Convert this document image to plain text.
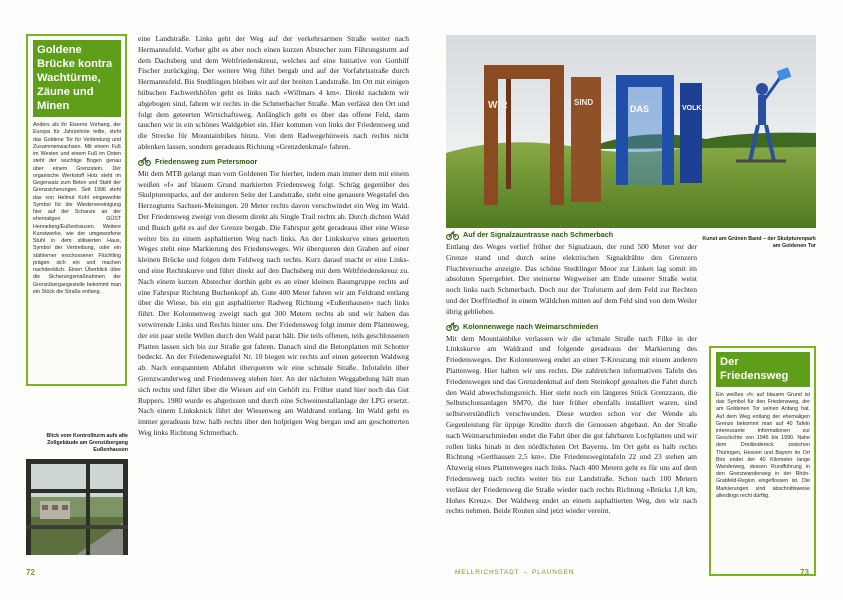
Goldene Brücke kontra Wachtürme, Zäune und Minen

Anders als ihr Eiserne Vorhang, der Europa für Jahrzehnte teilte, steht das Goldene Tor für Verbindung und Zusammenwachsen. Mit einem Fuß im Westen und einem Fuß im Osten steht der wuchtige Bogen genau über einem Grenzstein. Der organische Werkstoff Holz steht im Gegensatz zum Beton und Stahl der Grenzsicherungen. Seit 1996 steht das von Helmut Kohl eingeweihte Symbol für die Wiedervereinigung hier auf der Schanze an der ehemaligen GÜST Henneberg/Eußenhausen. Weitere Kunstwerke, wie der umgeworfene Stuhl in dem stilisierten Haus, Symbol der Vertreibung, oder ein stählerner erschossener Flüchtling prägen sich ein und machen nachdenklich. Einen Überblick über die Sicherungsmaßnahmen der Grenzübergangsstelle bekommt man ein Stück die Straße entlang.

Blick vom Kontrollturm aufs alte Zollgebäude am Grenzübergang Eußenhausen

eine Landstraße. Links geht der Weg auf der verkehrsarmen Straße weiter nach Hermannsfeld. Vorher gibt es aber noch einen kurzen Abstecher zum Führungsturm auf dem Dachsberg und dem Weltfriedenskreuz, welches auf eine Initiative von Gotthilf Fischer zurückging. Der weitere Weg führt bergab und auf der Vorfahrtsstraße durch Hermannsfeld. Bis Stedtlingen bleiben wir auf der breiten Landstraße. Im Ort mit einigen hübschen Fachwerkhöfen geht es links nach »Willmars 4 km«. Direkt nachdem wir abgebogen sind, fahren wir rechts in die Schmerbacher Straße. Man verlässt den Ort und folgt dem geteerten Wirtschaftsweg. Anfänglich geht es über das offene Feld, dann tauchen wir in ein schönes Waldgebiet ein. Hier kommen von links der Friedensweg und die Strecke für Mountainbikes hinzu. Von dem Radwegehinweis nach rechts nicht ablenken lassen, sondern geradeaus Richtung »Grenzdenkmal« fahren.

Friedensweg zum Petersmoor

Mit dem MTB gelangt man vom Goldenen Tor hierher, indem man immer dem mit einem weißen »f« auf blauem Grund markierten Friedensweg folgt. Schräg gegenüber des Skulpturenparks, auf der anderen Seite der Landstraße, steht eine genauere Wegetafel des Herzogtums Sachsen-Meiningen. 20 Meter rechts davon verschwindet ein Weg im Wald. Der Friedensweg zweigt von diesem direkt als Single Trail rechts ab. Durch dichten Wald und Busch geht es auf der Grenze bergab. Die Fahrspur geht geradeaus über eine Wiese weiter bis zu einem asphaltierten Weg nach links. An der Linkskurve eines geteerten Weges steht eine Markierung des Friedensweges. Wir überqueren den Graben auf einer kleinen Brücke und folgen dem Feldweg nach rechts. Kurz darauf macht er eine Links- und eine Rechtskurve und führt direkt auf den Dachsberg mit dem Weltfriedenskreuz zu. Nach einem kurzen Abstecher dorthin geht es an einer kleinen Baumgruppe rechts auf eine Fahrspur Richtung Buchenkopf ab. Gute 400 Meter fahren wir am Feldrand entlang über die Wiese, bis ein gut asphaltierter Radweg Richtung »Eußenhausen« nach links führt. Der Kolonnenweg zweigt nach gut 300 Metern rechts ab und wir haben das verwirrende Links und Rechts hinter uns. Der Friedensweg folgt immer dem Plattenweg, der ein paar steile Wellen durch den Wald parat hält. Die teils offenen, teils geschlossenen Platten lassen sich bis zur Straße gut fahren. Danach sind die Betonplatten mit Schotter bedeckt. An der Friedenswegtafel Nr. 10 biegen wir rechts auf einen geteerten Waldweg ab. Nach entspanntem Abfahrt überqueren wir eine schmale Straße. Infotafeln über Grenzwanderweg und Friedensweg stehen hier. An der nächsten Weggabelung hält man sich rechts und fährt über die Wiesen auf ein Gehöft zu. Früher stand hier noch das Gut Ruppers. 1980 wurde es abgerissen und durch eine Schweinestallanlage der LPG ersetzt. Nach einem Linksknick führt der Wiesenweg am Waldrand entlang. Im Wald geht es immer geradeaus bzw. halb rechts über den holprigen Weg bergan und am geschotterten Weg links Richtung Schmerbach.

72
WIR	SIND
DAS	VOLK
Kunst am Grünen Band – der Skulpturenpark am Goldenen Tor
Auf der Signalzauntrasse nach Schmerbach

Entlang des Weges verlief früher der Signalzaun, der rund 500 Meter vor der Grenze stand und durch seine elektrischen Signaldrähte den Grenzern Fluchtversuche anzeigte. Das schöne Stedtlinger Moor zur Linken lag somit im absoluten Sperrgebiet. Der steinerne Wegweiser am Ende unserer Straße weist noch links nach Schmerbach. Doch nur der Trafoturm auf dem Feld zur Rechten und der Dorffriedhof in einem Wäldchen mitten auf dem Feld sind von dem Weiler übrig geblieben.

Kolonnenwege nach Weimarschmieden

Mit dem Mountainbike verlassen wir die schmale Straße nach Filke in der Linkskurve am Waldrand und folgende geradeaus der Markierung des Friedensweges. Der Kolonnenweg endet an einer T-Kreuzung mit einem anderen Plattenweg. Hier halten wir uns rechts. Die zahlreichen informativen Tafeln des Friedensweges und das Grenzdenkmal auf dem Steinkopf gestalten die Fahrt durch den Wald abwechslungsreich. Hier steht noch ein längeres Stück Grenzzaun, die Selbstschussanlagen SM70, die hier früher ebenfalls installiert waren, sind selbstverständlich verschwunden. Diese wurden schon vor der Wende als Gegenleistung für üppige Kredite durch die Genossen abgebaut. An der Straße nach Weimarschmieden endet die Fahrt über die gut fahrbaren Lochplatten und wir rollen links hinab in den nördlichsten Ort Bayerns. Im Ort geht es halb rechts Richtung »Gerthausen 2,5 km«. Die Friedenswegintafeln 22 und 23 stehen am Abzweig eines Plattenweges nach links. Nach 400 Metern geht es für uns auf dem Friedensweg nach rechts weiter bis zur Landstraße. Schon nach 100 Metern verlässt der Friedensweg die Straße wieder nach rechts Richtung »Brücks 1,8 km, Hohes Kreuz«. Der Waldweg endet an einem asphaltierten Weg, den wir nach rechts nehmen. Beide Routen sind jetzt wieder vereint.

Der Friedensweg

Ein weißes »f« auf blauem Grund ist das Symbol für den Friedensweg, der am Goldenen Tor seinen Anfang hat. Auf dem Weg entlang der ehemaligen Grenze bekommt man auf 40 Tafeln interessante Informationen zur Geschichte von 1945 bis 1990. Nahe dem Dreiländereck zwischen Thüringen, Hessen und Bayern im Ort Birx endet der 40 Kilometer lange Wanderweg, dessen Rundführung in den Grenzwanderweg in der Rhön-Grabfeld-Region eingeflossen ist. Die Markierungen sind abschnittsweise allerdings recht dürftig.

MELLRICHSTADT – PLAUNGEN	73
